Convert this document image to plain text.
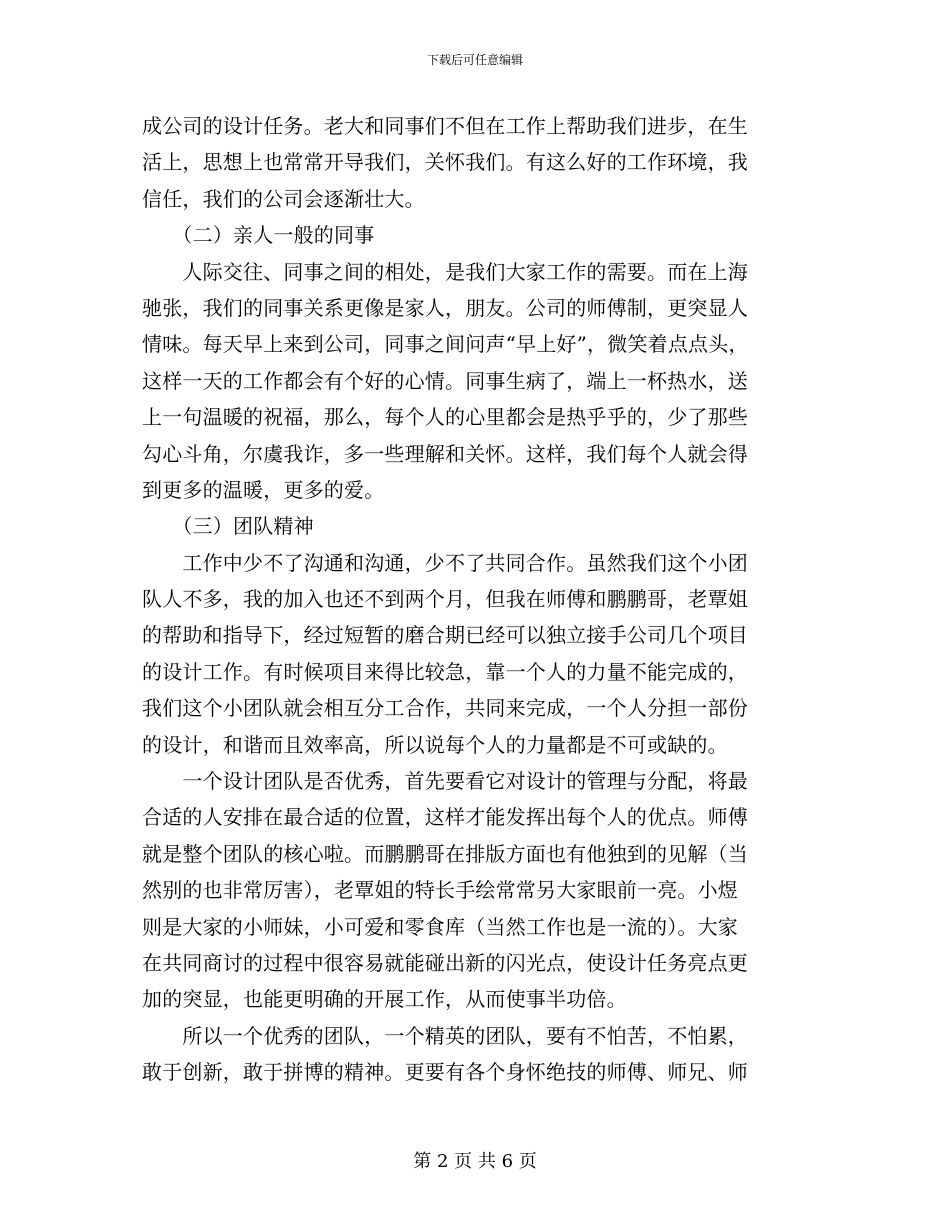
下载后可任意编辑
成公司的设计任务。老大和同事们不但在工作上帮助我们进步，在生
活上，思想上也常常开导我们，关怀我们。有这么好的工作环境，我
信任，我们的公司会逐渐壮大。
　　（二）亲人一般的同事
　　人际交往、同事之间的相处，是我们大家工作的需要。而在上海
驰张，我们的同事关系更像是家人，朋友。公司的师傅制，更突显人
情味。每天早上来到公司，同事之间问声“早上好”，微笑着点点头，
这样一天的工作都会有个好的心情。同事生病了，端上一杯热水，送
上一句温暖的祝福，那么，每个人的心里都会是热乎乎的，少了那些
勾心斗角，尔虞我诈，多一些理解和关怀。这样，我们每个人就会得
到更多的温暖，更多的爱。
　　（三）团队精神
　　工作中少不了沟通和沟通，少不了共同合作。虽然我们这个小团
队人不多，我的加入也还不到两个月，但我在师傅和鹏鹏哥，老覃姐
的帮助和指导下，经过短暂的磨合期已经可以独立接手公司几个项目
的设计工作。有时候项目来得比较急，靠一个人的力量不能完成的，
我们这个小团队就会相互分工合作，共同来完成，一个人分担一部份
的设计，和谐而且效率高，所以说每个人的力量都是不可或缺的。
　　一个设计团队是否优秀，首先要看它对设计的管理与分配，将最
合适的人安排在最合适的位置，这样才能发挥出每个人的优点。师傅
就是整个团队的核心啦。而鹏鹏哥在排版方面也有他独到的见解（当
然别的也非常厉害），老覃姐的特长手绘常常另大家眼前一亮。小煜
则是大家的小师妹，小可爱和零食库（当然工作也是一流的）。大家
在共同商讨的过程中很容易就能碰出新的闪光点，使设计任务亮点更
加的突显，也能更明确的开展工作，从而使事半功倍。
　　所以一个优秀的团队，一个精英的团队，要有不怕苦，不怕累，
敢于创新，敢于拼博的精神。更要有各个身怀绝技的师傅、师兄、师
第 2 页 共 6 页
